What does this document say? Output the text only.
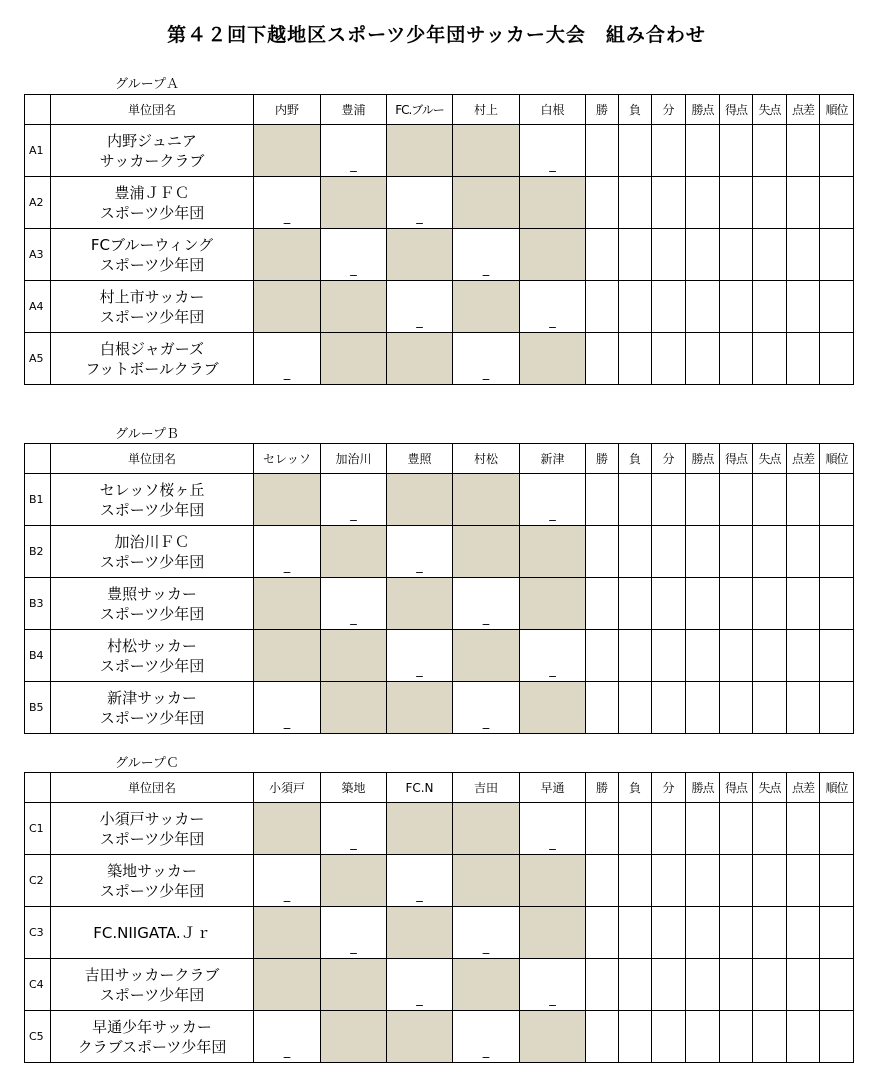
第４２回下越地区スポーツ少年団サッカー大会　組み合わせ
グループＡ
	単位団名	内野	豊浦	FC.ブルー	村上	白根	勝	負	分	勝点	得点	失点	点差	順位
A1	内野ジュニア
サッカークラブ		_			_								

A2	豊浦ＪＦＣ
スポーツ少年団	_		_										

A3	FCブルーウィング
スポーツ少年団		_		_									

A4	村上市サッカー
スポーツ少年団			_		_								

A5	白根ジャガーズ
フットボールクラブ	_			_									

グループＢ
	単位団名	セレッソ	加治川	豊照	村松	新津	勝	負	分	勝点	得点	失点	点差	順位
B1	セレッソ桜ヶ丘
スポーツ少年団		_			_								

B2	加治川ＦＣ
スポーツ少年団	_		_										

B3	豊照サッカー
スポーツ少年団		_		_									

B4	村松サッカー
スポーツ少年団			_		_								

B5	新津サッカー
スポーツ少年団	_			_									

グループＣ
	単位団名	小須戸	築地	FC.N	吉田	早通	勝	負	分	勝点	得点	失点	点差	順位
C1	小須戸サッカー
スポーツ少年団		_			_								

C2	築地サッカー
スポーツ少年団	_		_										

C3	FC.NIIGATA.Ｊｒ		_		_									

C4	吉田サッカークラブ
スポーツ少年団			_		_								

C5	早通少年サッカー
クラブスポーツ少年団	_			_									
